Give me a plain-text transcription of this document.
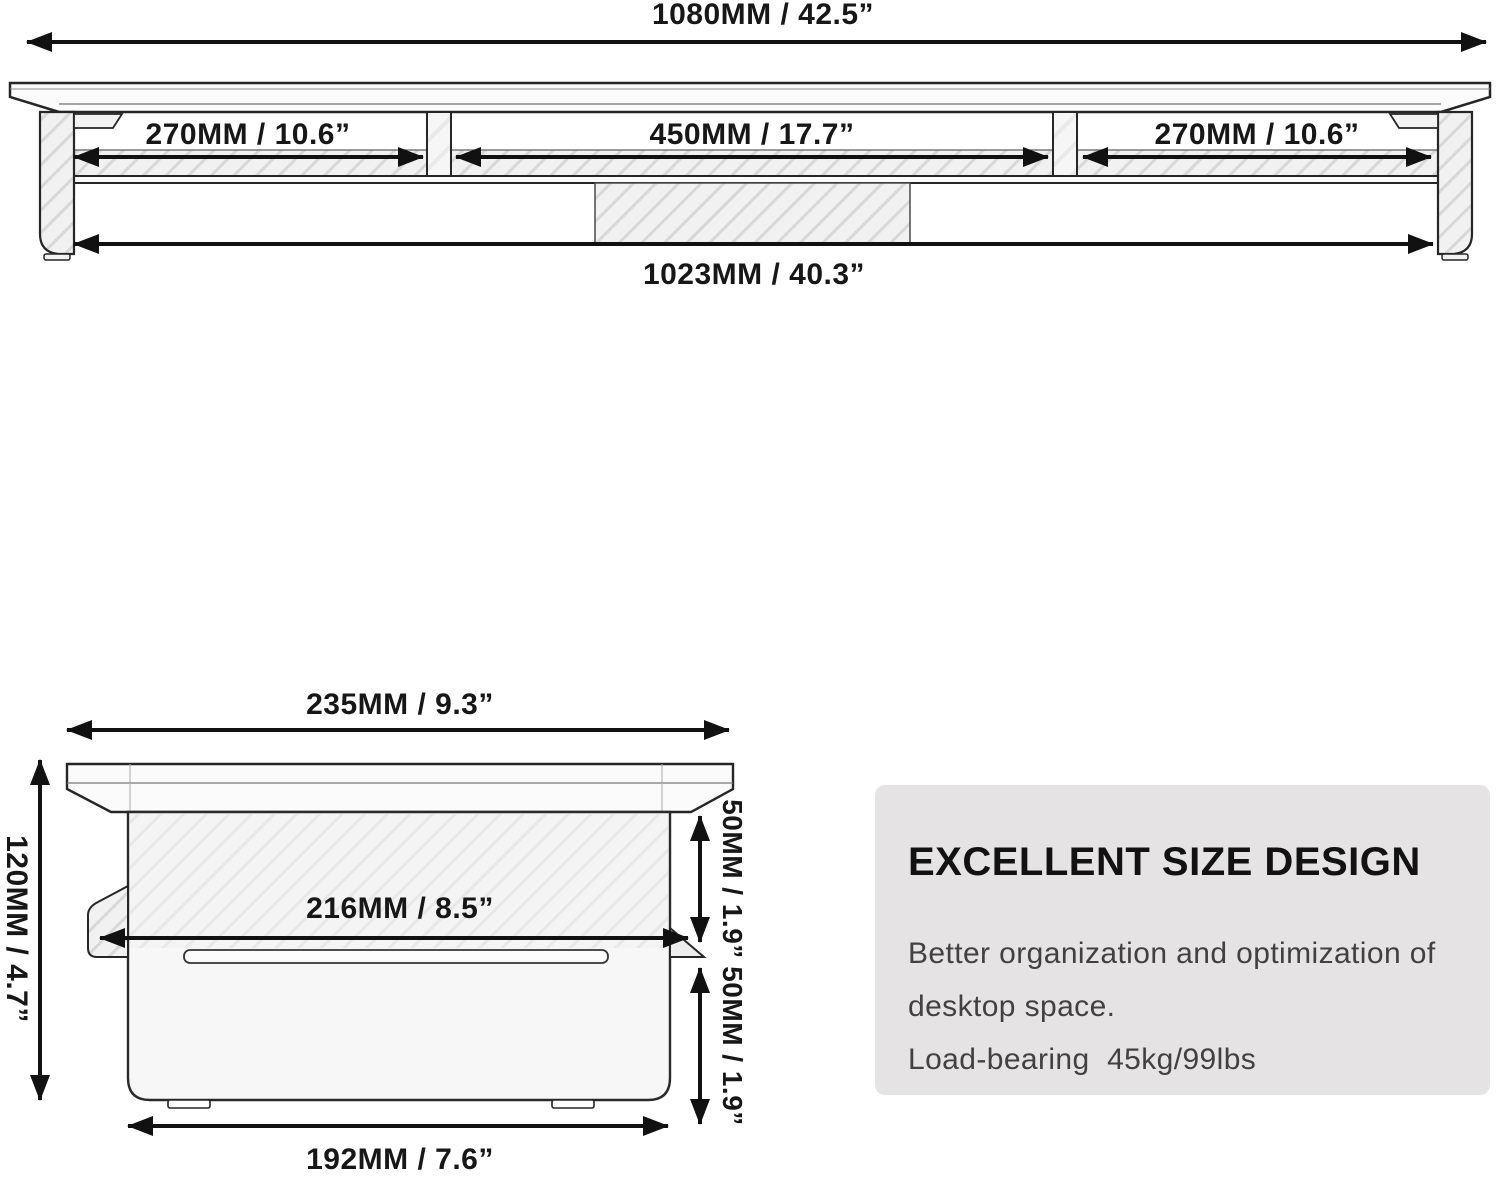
1080MM / 42.5”
270MM / 10.6”	450MM / 17.7”	270MM / 10.6”
1023MM / 40.3”
235MM / 9.3”
120MM / 4.7”	216MM / 8.5”	50MM / 1.9”
50MM / 1.9”
192MM / 7.6”
EXCELLENT SIZE DESIGN
Better organization and optimization of
desktop space.
Load-bearing  45kg/99lbs
